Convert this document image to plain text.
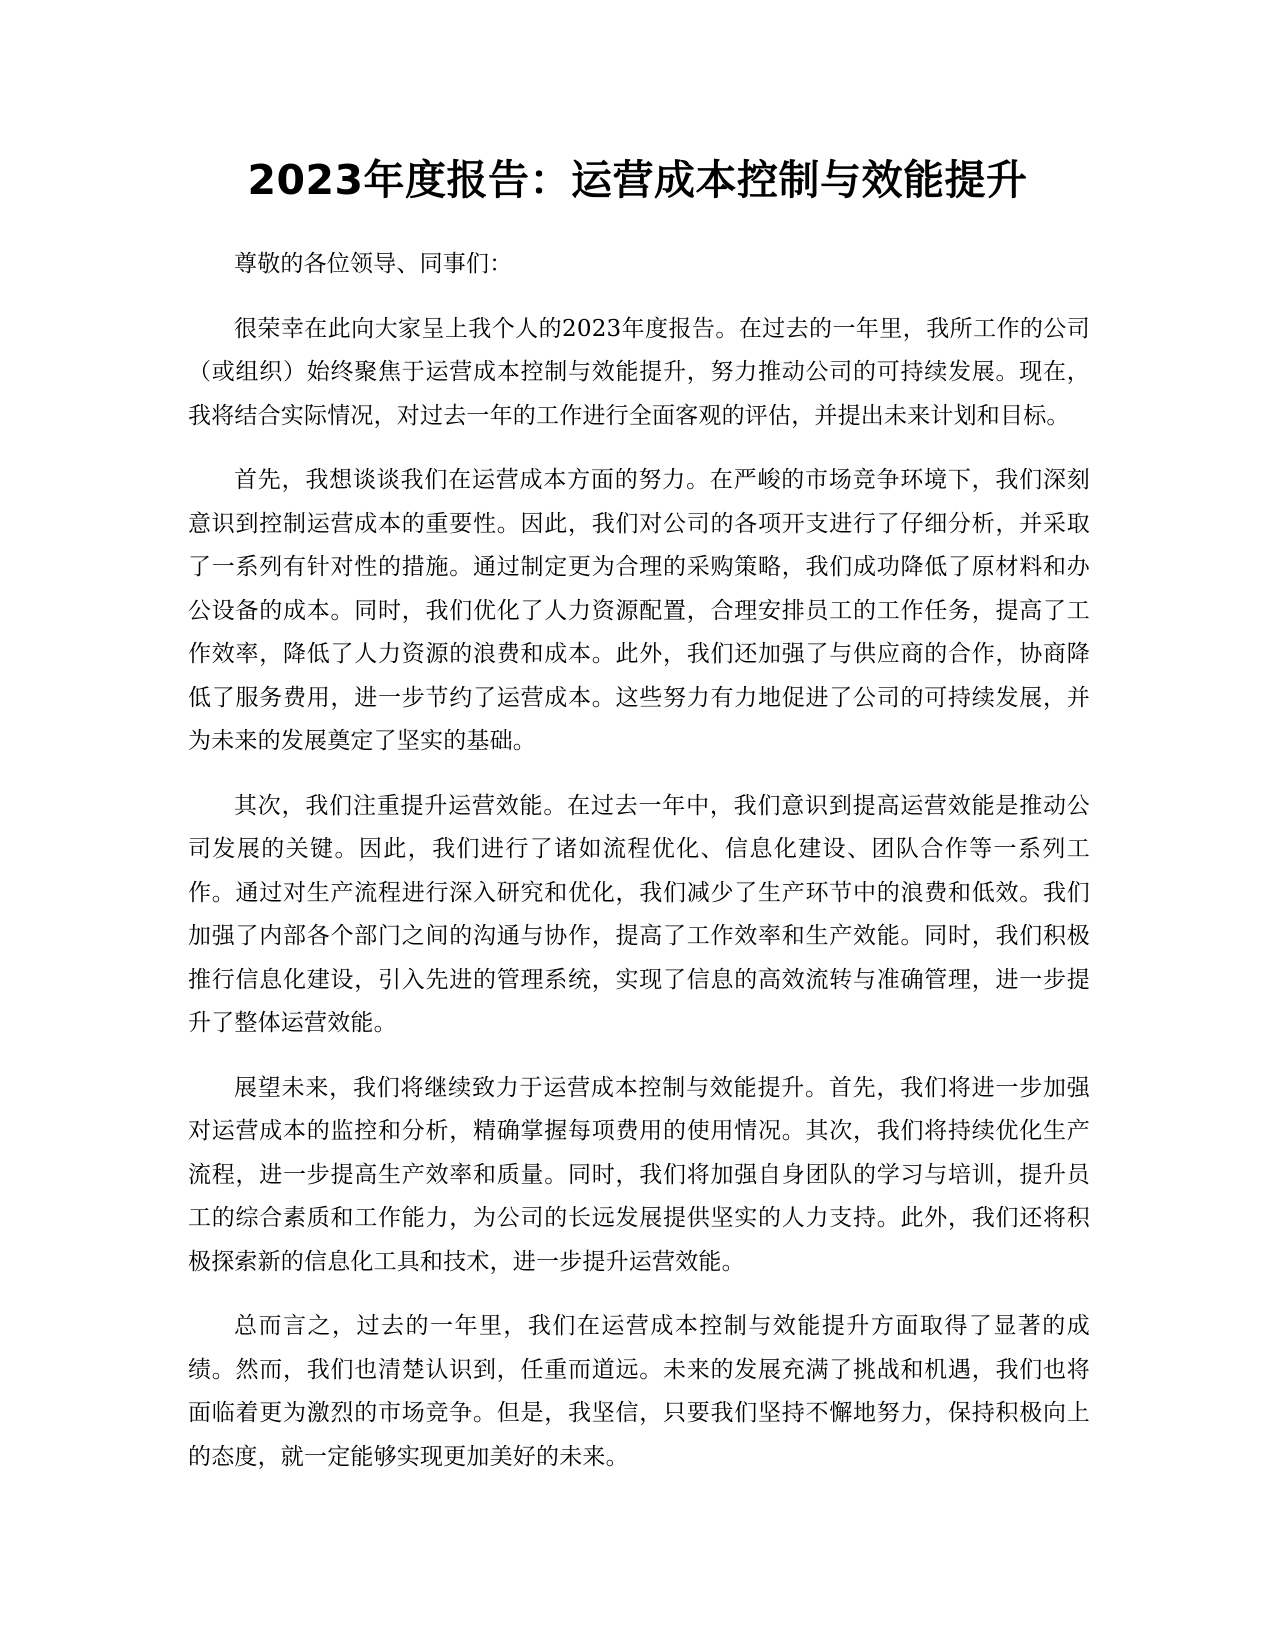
2023年度报告：运营成本控制与效能提升

尊敬的各位领导、同事们：

很荣幸在此向大家呈上我个人的2023年度报告。在过去的一年里，我所工作的公司（或组织）始终聚焦于运营成本控制与效能提升，努力推动公司的可持续发展。现在，我将结合实际情况，对过去一年的工作进行全面客观的评估，并提出未来计划和目标。

首先，我想谈谈我们在运营成本方面的努力。在严峻的市场竞争环境下，我们深刻意识到控制运营成本的重要性。因此，我们对公司的各项开支进行了仔细分析，并采取了一系列有针对性的措施。通过制定更为合理的采购策略，我们成功降低了原材料和办公设备的成本。同时，我们优化了人力资源配置，合理安排员工的工作任务，提高了工作效率，降低了人力资源的浪费和成本。此外，我们还加强了与供应商的合作，协商降低了服务费用，进一步节约了运营成本。这些努力有力地促进了公司的可持续发展，并为未来的发展奠定了坚实的基础。

其次，我们注重提升运营效能。在过去一年中，我们意识到提高运营效能是推动公司发展的关键。因此，我们进行了诸如流程优化、信息化建设、团队合作等一系列工作。通过对生产流程进行深入研究和优化，我们减少了生产环节中的浪费和低效。我们加强了内部各个部门之间的沟通与协作，提高了工作效率和生产效能。同时，我们积极推行信息化建设，引入先进的管理系统，实现了信息的高效流转与准确管理，进一步提升了整体运营效能。

展望未来，我们将继续致力于运营成本控制与效能提升。首先，我们将进一步加强对运营成本的监控和分析，精确掌握每项费用的使用情况。其次，我们将持续优化生产流程，进一步提高生产效率和质量。同时，我们将加强自身团队的学习与培训，提升员工的综合素质和工作能力，为公司的长远发展提供坚实的人力支持。此外，我们还将积极探索新的信息化工具和技术，进一步提升运营效能。

总而言之，过去的一年里，我们在运营成本控制与效能提升方面取得了显著的成绩。然而，我们也清楚认识到，任重而道远。未来的发展充满了挑战和机遇，我们也将面临着更为激烈的市场竞争。但是，我坚信，只要我们坚持不懈地努力，保持积极向上的态度，就一定能够实现更加美好的未来。
